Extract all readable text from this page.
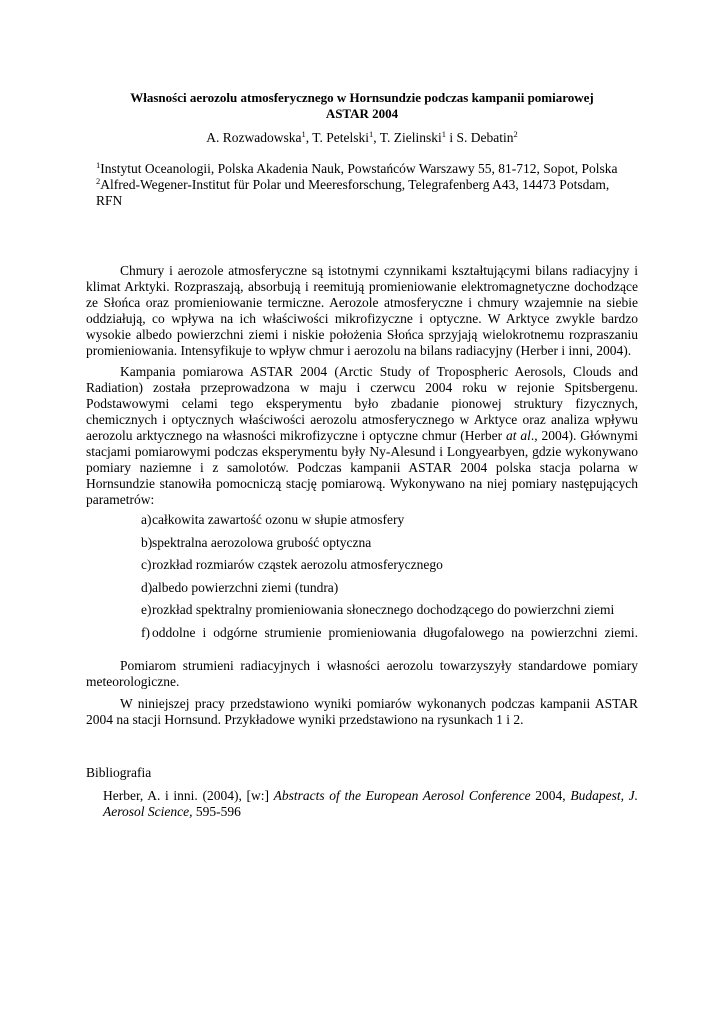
Własności aerozolu atmosferycznego w Hornsundzie podczas kampanii pomiarowej
ASTAR 2004
A. Rozwadowska$^1$, T. Petelski$^1$, T. Zielinski$^1$ i S. Debatin$^2$
$^1$Instytut Oceanologii, Polska Akadenia Nauk, Powstańców Warszawy 55, 81-712, Sopot, Polska
$^2$Alfred-Wegener-Institut für Polar und Meeresforschung, Telegrafenberg A43, 14473 Potsdam, RFN

Chmury i aerozole atmosferyczne są istotnymi czynnikami kształtującymi bilans radiacyjny i klimat Arktyki. Rozpraszają, absorbują i reemitują promieniowanie elektromagnetyczne dochodzące ze Słońca oraz promieniowanie termiczne. Aerozole atmosferyczne i chmury wzajemnie na siebie oddziałują, co wpływa na ich właściwości mikrofizyczne i optyczne. W Arktyce zwykle bardzo wysokie albedo powierzchni ziemi i niskie położenia Słońca sprzyjają wielokrotnemu rozpraszaniu promieniowania. Intensyfikuje to wpływ chmur i aerozolu na bilans radiacyjny (Herber i inni, 2004).

Kampania pomiarowa ASTAR 2004 (Arctic Study of Tropospheric Aerosols, Clouds and Radiation) została przeprowadzona w maju i czerwcu 2004 roku w rejonie Spitsbergenu. Podstawowymi celami tego eksperymentu było zbadanie pionowej struktury fizycznych, chemicznych i optycznych właściwości aerozolu atmosferycznego w Arktyce oraz analiza wpływu aerozolu arktycznego na własności mikrofizyczne i optyczne chmur (Herber at al., 2004). Głównymi stacjami pomiarowymi podczas eksperymentu były Ny-Alesund i Longyearbyen, gdzie wykonywano pomiary naziemne i z samolotów. Podczas kampanii ASTAR 2004 polska stacja polarna w Hornsundzie stanowiła pomocniczą stację pomiarową. Wykonywano na niej pomiary następujących parametrów:

a) całkowita zawartość ozonu w słupie atmosfery
b) spektralna aerozolowa grubość optyczna
c) rozkład rozmiarów cząstek aerozolu atmosferycznego
d) albedo powierzchni ziemi (tundra)
e) rozkład spektralny promieniowania słonecznego dochodzącego do powierzchni ziemi
f) oddolne i odgórne strumienie promieniowania długofalowego na powierzchni ziemi.

Pomiarom strumieni radiacyjnych i własności aerozolu towarzyszyły standardowe pomiary meteorologiczne.

W niniejszej pracy przedstawiono wyniki pomiarów wykonanych podczas kampanii ASTAR 2004 na stacji Hornsund. Przykładowe wyniki przedstawiono na rysunkach 1 i 2.

Bibliografia
Herber, A. i inni. (2004), [w:] Abstracts of the European Aerosol Conference 2004, Budapest, J. Aerosol Science, 595-596
